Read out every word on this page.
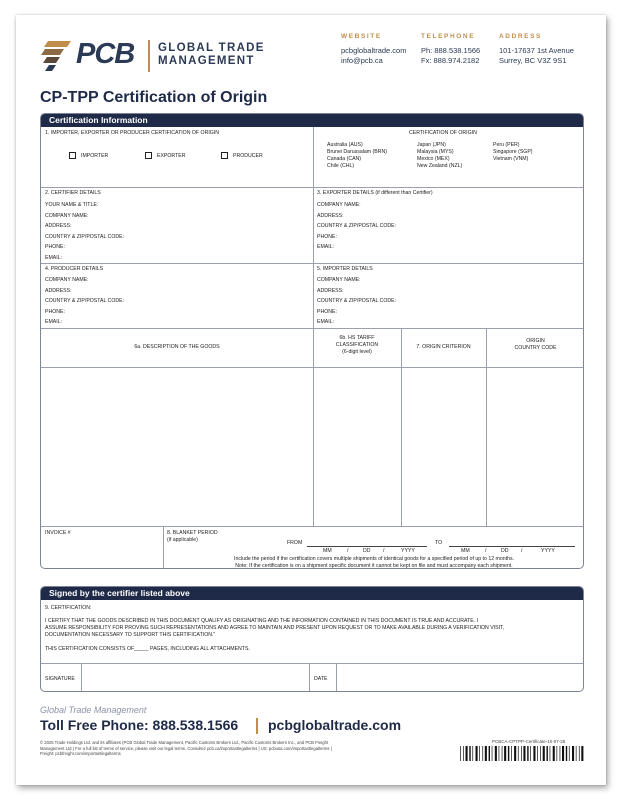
PCB GLOBAL TRADE
MANAGEMENT
WEBSITE
pcbglobaltrade.com
info@pcb.ca
TELEPHONE
Ph: 888.538.1566
Fx: 888.974.2182
ADDRESS
101-17637 1st Avenue
Surrey, BC V3Z 9S1
CP-TPP Certification of Origin
Certification Information
1. IMPORTER, EXPORTER OR PRODUCER CERTIFICATION OF ORIGIN
IMPORTER	EXPORTER	PRODUCER
CERTIFICATION OF ORIGIN
Australia (AUS)
Brunei Darussalam (BRN)
Canada (CAN)
Chile (CHL)
Japan (JPN)
Malaysia (MYS)
Mexico (MEX)
New Zealand (NZL)
Peru (PER)
Singapore (SGP)
Vietnam (VNM)
2. CERTIFIER DETAILS
YOUR NAME & TITLE:
COMPANY NAME:
ADDRESS:
COUNTRY & ZIP/POSTAL CODE:
PHONE:
EMAIL:
3. EXPORTER DETAILS (if different than Certifier)
COMPANY NAME:
ADDRESS:
COUNTRY & ZIP/POSTAL CODE:
PHONE:
EMAIL:
4. PRODUCER DETAILS
COMPANY NAME:
ADDRESS:
COUNTRY & ZIP/POSTAL CODE:
PHONE:
EMAIL:
5. IMPORTER DETAILS
COMPANY NAME:
ADDRESS:
COUNTRY & ZIP/POSTAL CODE:
PHONE:
EMAIL:
6a. DESCRIPTION OF THE GOODS
6b. HS TARIFF
CLASSIFICATION
(6-digit level)
7. ORIGIN CRITERION
ORIGIN
COUNTRY CODE
INVOICE #	8. BLANKET PERIOD
(if applicable)	FROM
MM	/	DD /	YYYY
TO
MM	/	DD /	YYYY
Include the period if the certification covers multiple shipments of identical goods for a specified period of up to 12 months.
Note: If the certification is on a shipment specific document it cannot be kept on file and must accompany each shipment.
Signed by the certifier listed above
9. CERTIFICATION:
I CERTIFY THAT THE GOODS DESCRIBED IN THIS DOCUMENT QUALIFY AS ORIGINATING AND THE INFORMATION CONTAINED IN THIS DOCUMENT IS TRUE AND ACCURATE. I
ASSUME RESPONSIBILITY FOR PROVING SUCH REPRESENTATIONS AND AGREE TO MAINTAIN AND PRESENT UPON REQUEST OR TO MAKE AVAILABLE DURING A VERIFICATION VISIT,
DOCUMENTATION NECESSARY TO SUPPORT THIS CERTIFICATION."
THIS CERTIFICATION CONSISTS OF_____ PAGES, INCLUDING ALL ATTACHMENTS.
SIGNATURE	DATE
Global Trade Management
Toll Free Phone: 888.538.1566 pcbglobaltrade.com
© 2025 Trade Holdings Ltd. and its affiliates (PCB Global Trade Management, Pacific Customs Brokers Ltd., Pacific Customs Brokers Inc., and PCB Freight
Management Ltd.) For a full list of terms of service, please visit our legal terms. Consultez pcb.ca/importantlegalterms | US: pcbusa.com/importantlegalterms |
Freight: pcbfreight.com/importantlegalterms
PCBCA-CPTPP-Certificate-10-07-25
